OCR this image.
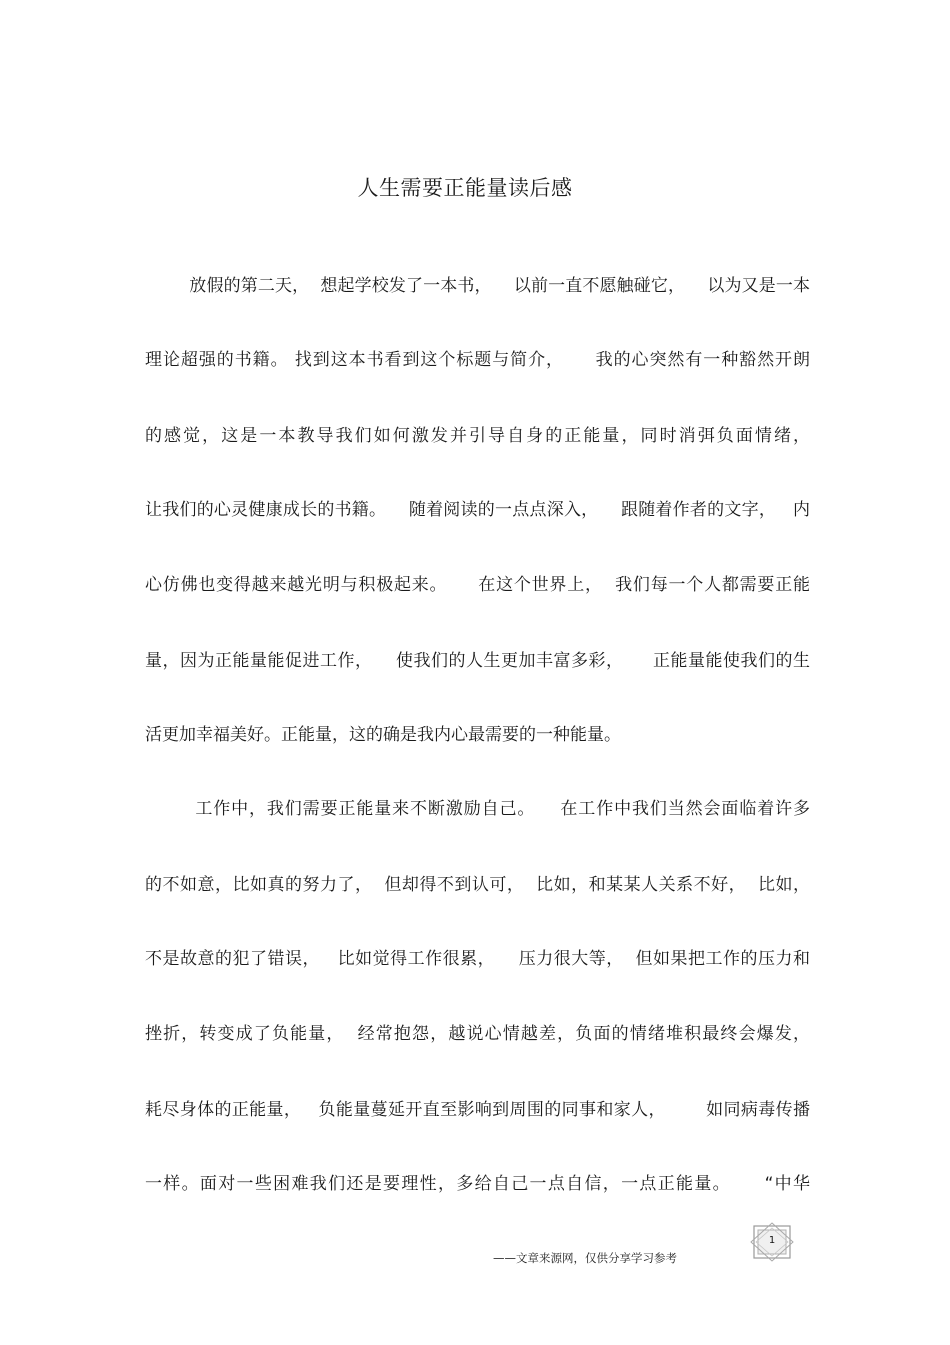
人生需要正能量读后感
放假的第二天，  想起学校发了一本书，    以前一直不愿触碰它，    以为又是一本
理论超强的书籍。 找到这本书看到这个标题与简介，     我的心突然有一种豁然开朗
的感觉，这是一本教导我们如何激发并引导自身的正能量，同时消弭负面情绪，
让我们的心灵健康成长的书籍。    随着阅读的一点点深入，    跟随着作者的文字，   内
心仿佛也变得越来越光明与积极起来。     在这个世界上，  我们每一个人都需要正能
量，因为正能量能促进工作，    使我们的人生更加丰富多彩，     正能量能使我们的生
活更加幸福美好。正能量，这的确是我内心最需要的一种能量。
工作中，我们需要正能量来不断激励自己。    在工作中我们当然会面临着许多
的不如意，比如真的努力了，  但却得不到认可，  比如，和某某人关系不好，  比如，
不是故意的犯了错误，   比如觉得工作很累，    压力很大等，  但如果把工作的压力和
挫折，转变成了负能量，  经常抱怨，越说心情越差，负面的情绪堆积最终会爆发，
耗尽身体的正能量，   负能量蔓延开直至影响到周围的同事和家人，       如同病毒传播
一样。面对一些困难我们还是要理性，多给自己一点自信，一点正能量。     “中华
1
——文章来源网，仅供分享学习参考
